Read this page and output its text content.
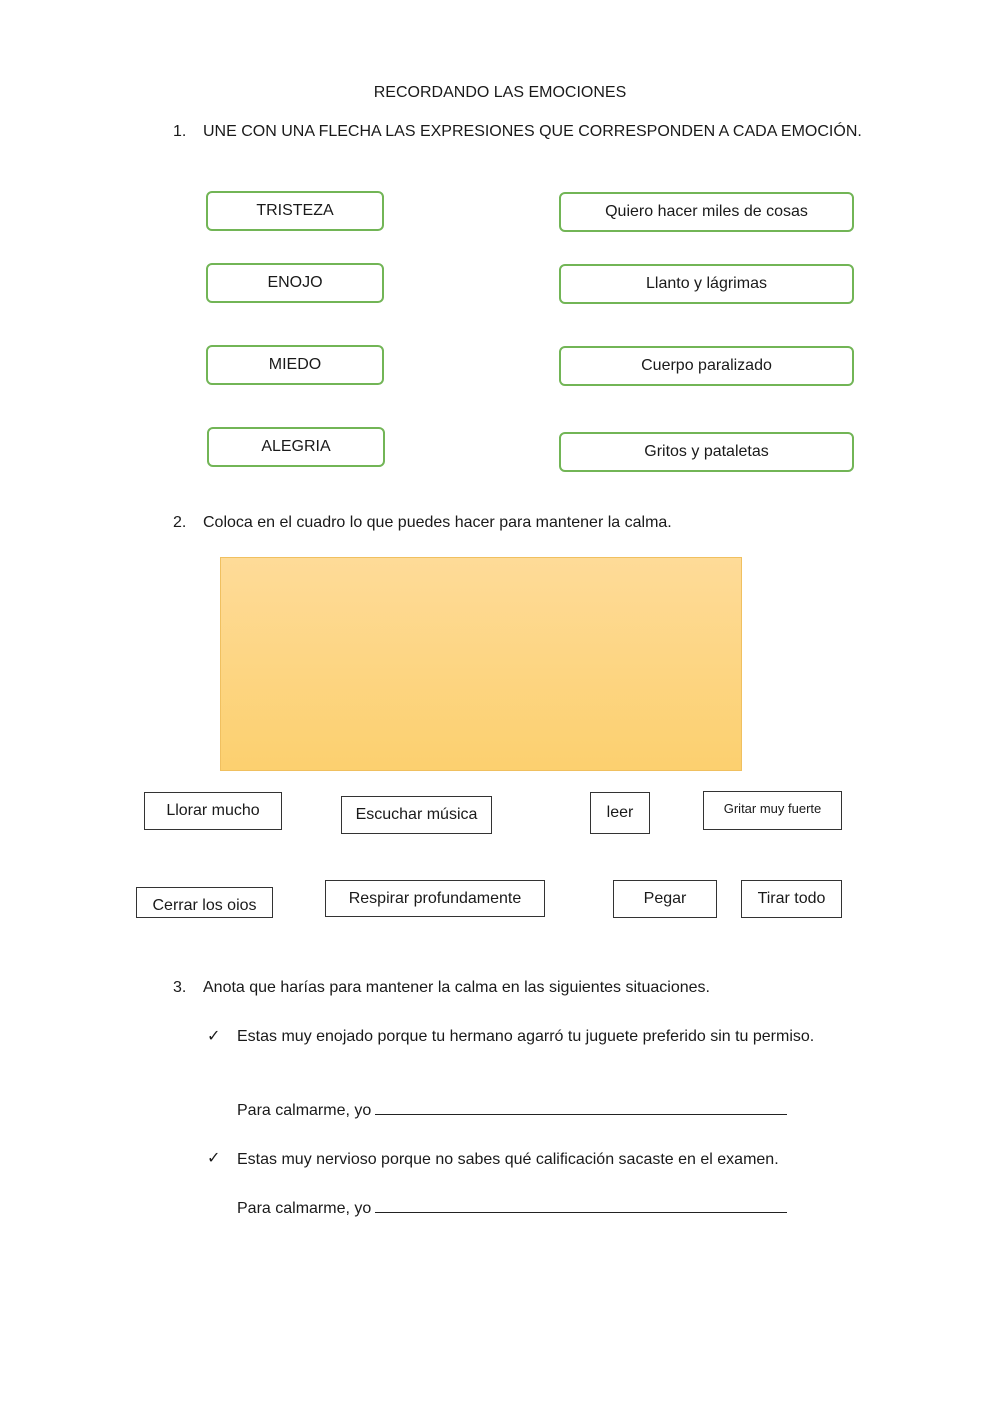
RECORDANDO LAS EMOCIONES
1. UNE CON UNA FLECHA LAS EXPRESIONES QUE CORRESPONDEN A CADA EMOCIÓN.
TRISTEZA
ENOJO
MIEDO
ALEGRIA
Quiero hacer miles de cosas
Llanto y lágrimas
Cuerpo paralizado
Gritos y pataletas
2. Coloca en el cuadro lo que puedes hacer para mantener la calma.
Llorar mucho	Escuchar música	leer	Gritar muy fuerte
Cerrar los oios	Respirar profundamente	Pegar	Tirar todo
3. Anota que harías para mantener la calma en las siguientes situaciones.
✓ Estas muy enojado porque tu hermano agarró tu juguete preferido sin tu permiso.
Para calmarme, yo
✓ Estas muy nervioso porque no sabes qué calificación sacaste en el examen.
Para calmarme, yo
